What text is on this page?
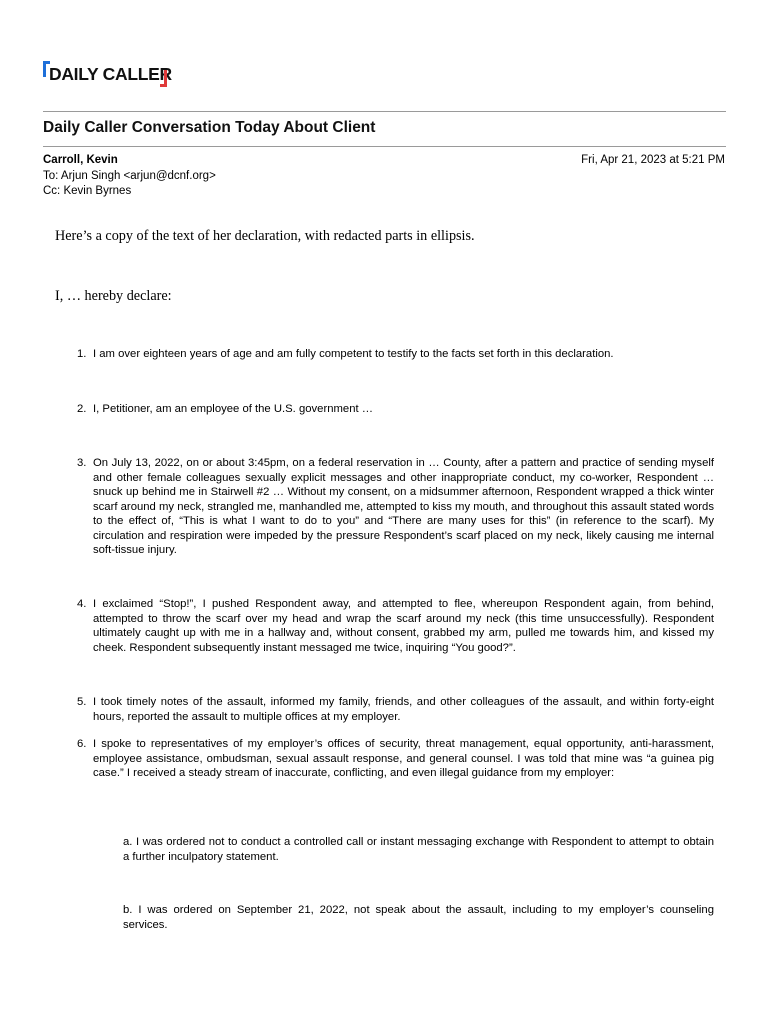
DAILY CALLER
Daily Caller Conversation Today About Client
Carroll, Kevin	Fri, Apr 21, 2023 at 5:21 PM
To: Arjun Singh <arjun@dcnf.org>
Cc: Kevin Byrnes
Here’s a copy of the text of her declaration, with redacted parts in ellipsis.
I, … hereby declare:
1. I am over eighteen years of age and am fully competent to testify to the facts set forth in this declaration.
2. I, Petitioner, am an employee of the U.S. government …
3. On July 13, 2022, on or about 3:45pm, on a federal reservation in … County, after a pattern and practice of sending myself and other female colleagues sexually explicit messages and other inappropriate conduct, my co-worker, Respondent … snuck up behind me in Stairwell #2 … Without my consent, on a midsummer afternoon, Respondent wrapped a thick winter scarf around my neck, strangled me, manhandled me, attempted to kiss my mouth, and throughout this assault stated words to the effect of, “This is what I want to do to you” and “There are many uses for this” (in reference to the scarf). My circulation and respiration were impeded by the pressure Respondent’s scarf placed on my neck, likely causing me internal soft-tissue injury.
4. I exclaimed “Stop!”, I pushed Respondent away, and attempted to flee, whereupon Respondent again, from behind, attempted to throw the scarf over my head and wrap the scarf around my neck (this time unsuccessfully). Respondent ultimately caught up with me in a hallway and, without consent, grabbed my arm, pulled me towards him, and kissed my cheek. Respondent subsequently instant messaged me twice, inquiring “You good?”.
5. I took timely notes of the assault, informed my family, friends, and other colleagues of the assault, and within forty-eight hours, reported the assault to multiple offices at my employer.
6. I spoke to representatives of my employer’s offices of security, threat management, equal opportunity, anti-harassment, employee assistance, ombudsman, sexual assault response, and general counsel. I was told that mine was “a guinea pig case.” I received a steady stream of inaccurate, conflicting, and even illegal guidance from my employer:
a. I was ordered not to conduct a controlled call or instant messaging exchange with Respondent to attempt to obtain a further inculpatory statement.
b. I was ordered on September 21, 2022, not speak about the assault, including to my employer’s counseling services.
